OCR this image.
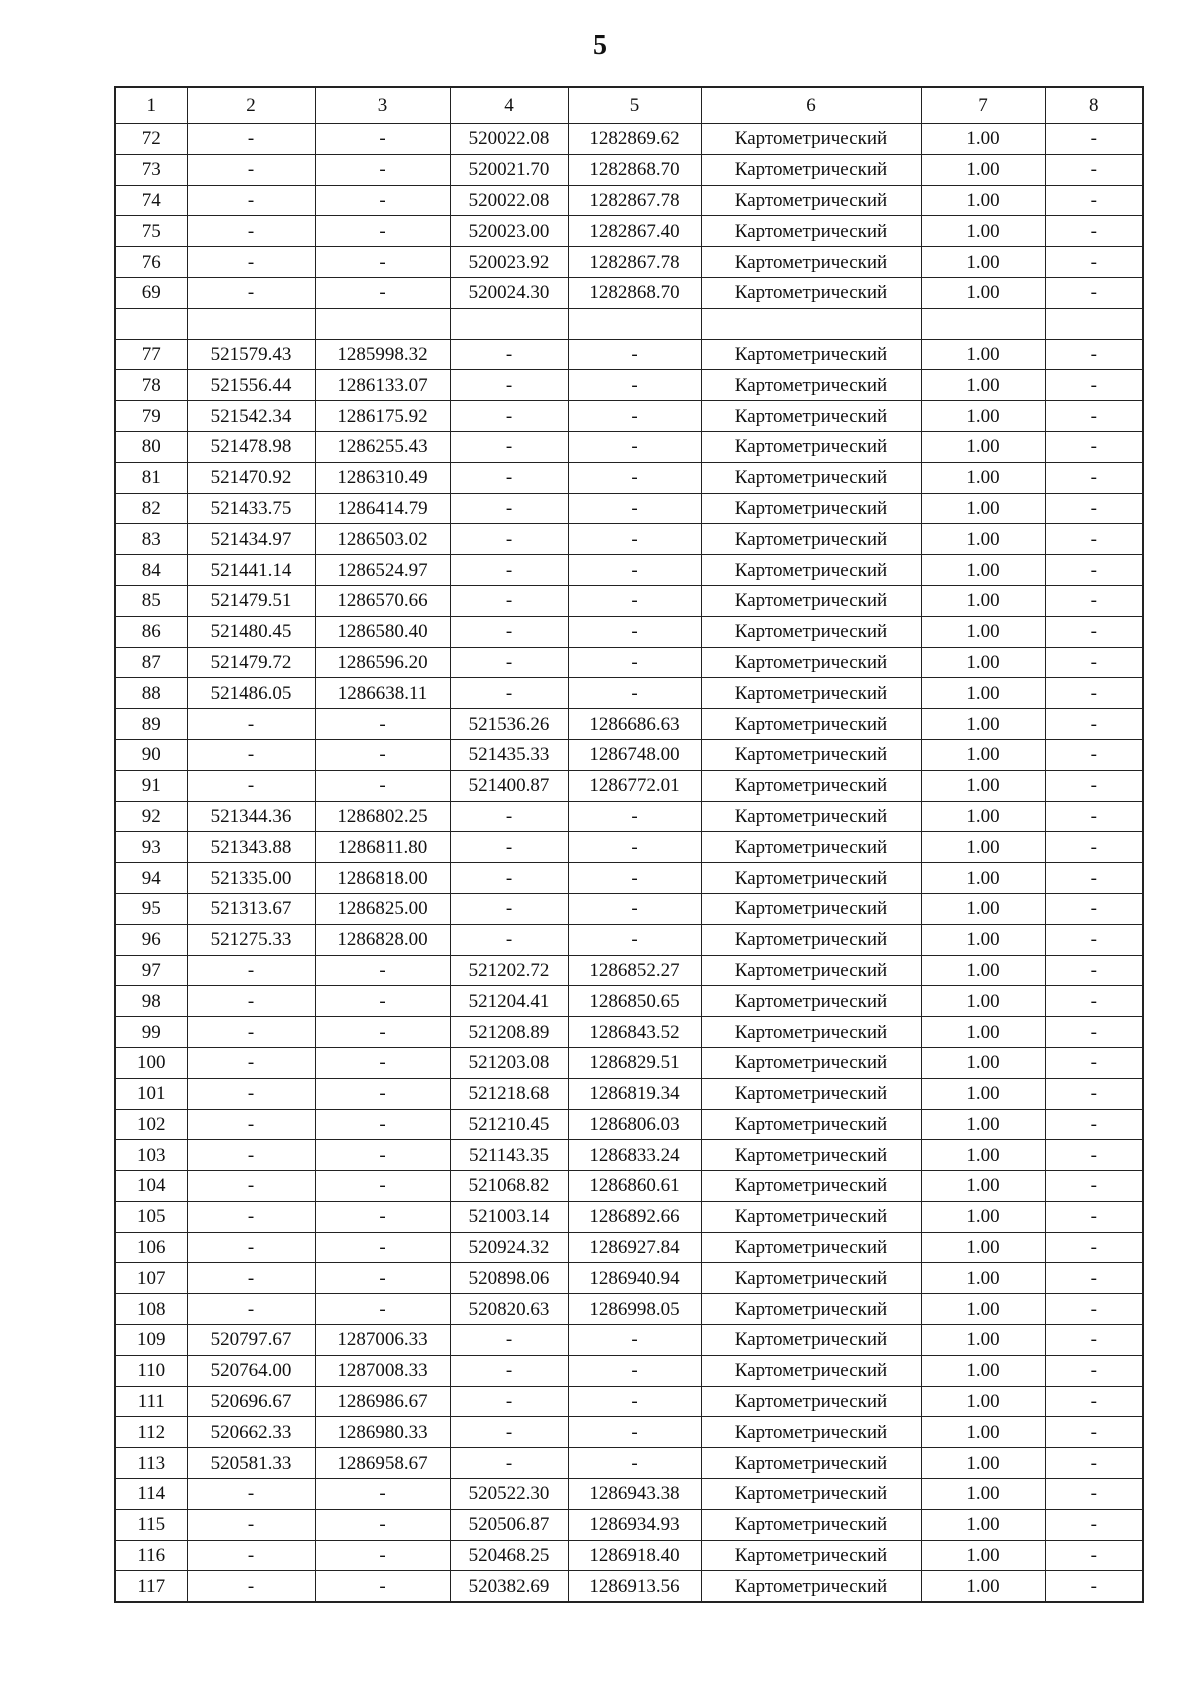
5
1	2	3	4	5	6	7	8
72	-	-	520022.08	1282869.62	Картометрический	1.00	-
73	-	-	520021.70	1282868.70	Картометрический	1.00	-
74	-	-	520022.08	1282867.78	Картометрический	1.00	-
75	-	-	520023.00	1282867.40	Картометрический	1.00	-
76	-	-	520023.92	1282867.78	Картометрический	1.00	-
69	-	-	520024.30	1282868.70	Картометрический	1.00	-

77	521579.43	1285998.32	-	-	Картометрический	1.00	-
78	521556.44	1286133.07	-	-	Картометрический	1.00	-
79	521542.34	1286175.92	-	-	Картометрический	1.00	-
80	521478.98	1286255.43	-	-	Картометрический	1.00	-
81	521470.92	1286310.49	-	-	Картометрический	1.00	-
82	521433.75	1286414.79	-	-	Картометрический	1.00	-
83	521434.97	1286503.02	-	-	Картометрический	1.00	-
84	521441.14	1286524.97	-	-	Картометрический	1.00	-
85	521479.51	1286570.66	-	-	Картометрический	1.00	-
86	521480.45	1286580.40	-	-	Картометрический	1.00	-
87	521479.72	1286596.20	-	-	Картометрический	1.00	-
88	521486.05	1286638.11	-	-	Картометрический	1.00	-
89	-	-	521536.26	1286686.63	Картометрический	1.00	-
90	-	-	521435.33	1286748.00	Картометрический	1.00	-
91	-	-	521400.87	1286772.01	Картометрический	1.00	-
92	521344.36	1286802.25	-	-	Картометрический	1.00	-
93	521343.88	1286811.80	-	-	Картометрический	1.00	-
94	521335.00	1286818.00	-	-	Картометрический	1.00	-
95	521313.67	1286825.00	-	-	Картометрический	1.00	-
96	521275.33	1286828.00	-	-	Картометрический	1.00	-
97	-	-	521202.72	1286852.27	Картометрический	1.00	-
98	-	-	521204.41	1286850.65	Картометрический	1.00	-
99	-	-	521208.89	1286843.52	Картометрический	1.00	-
100	-	-	521203.08	1286829.51	Картометрический	1.00	-
101	-	-	521218.68	1286819.34	Картометрический	1.00	-
102	-	-	521210.45	1286806.03	Картометрический	1.00	-
103	-	-	521143.35	1286833.24	Картометрический	1.00	-
104	-	-	521068.82	1286860.61	Картометрический	1.00	-
105	-	-	521003.14	1286892.66	Картометрический	1.00	-
106	-	-	520924.32	1286927.84	Картометрический	1.00	-
107	-	-	520898.06	1286940.94	Картометрический	1.00	-
108	-	-	520820.63	1286998.05	Картометрический	1.00	-
109	520797.67	1287006.33	-	-	Картометрический	1.00	-
110	520764.00	1287008.33	-	-	Картометрический	1.00	-
111	520696.67	1286986.67	-	-	Картометрический	1.00	-
112	520662.33	1286980.33	-	-	Картометрический	1.00	-
113	520581.33	1286958.67	-	-	Картометрический	1.00	-
114	-	-	520522.30	1286943.38	Картометрический	1.00	-
115	-	-	520506.87	1286934.93	Картометрический	1.00	-
116	-	-	520468.25	1286918.40	Картометрический	1.00	-
117	-	-	520382.69	1286913.56	Картометрический	1.00	-
